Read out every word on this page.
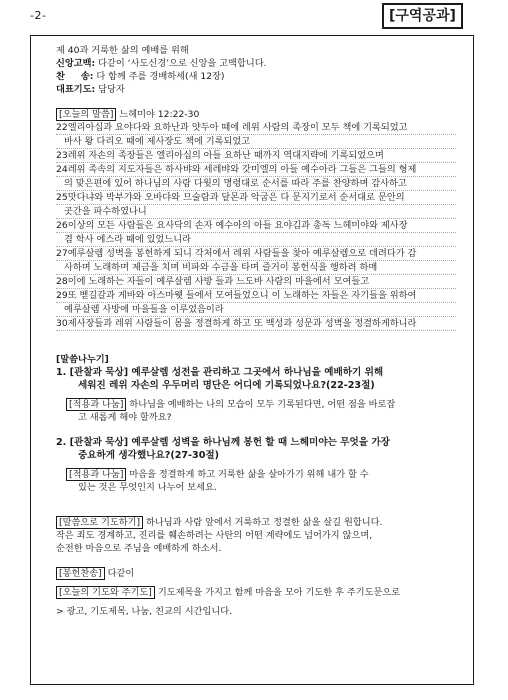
-2-	[구역공과]
제 40과 거룩한 삶의 예배를 위해
신앙고백: 다같이 ‘사도신경’으로 신앙을 고백합니다.
찬     송: 다 함께 주를 경배하세(새 12장)
대표기도: 담당자
[오늘의 말씀] 느헤미야 12:22-30
22엘리아십과 요야다와 요하난과 얏두아 때에 레위 사람의 족장이 모두 책에 기록되었고
바사 왕 다리오 때에 제사장도 책에 기록되었고
23레위 자손의 족장들은 엘리아십의 아들 요하난 때까지 역대지략에 기록되었으며
24레위 족속의 지도자들은 하사뱌와 세레뱌와 갓미엘의 아들 예수아라 그들은 그들의 형제
의 맞은편에 있어 하나님의 사람 다윗의 명령대로 순서를 따라 주를 찬양하며 감사하고
25맛다냐와 박부갸와 오바댜와 므술람과 달몬과 악굽은 다 문지기로서 순서대로 문안의
곳간을 파수하였나니
26이상의 모든 사람들은 요사닥의 손자 예수아의 아들 요야김과 총독 느헤미야와 제사장
겸 학사 에스라 때에 있었느니라
27예루살렘 성벽을 봉헌하게 되니 각처에서 레위 사람들을 찾아 예루살렘으로 데려다가 감
사하며 노래하며 제금을 치며 비파와 수금을 타며 즐거이 봉헌식을 행하려 하매
28이에 노래하는 자들이 예루살렘 사방 들과 느도바 사람의 마을에서 모여들고
29또 벧길갈과 게바와 아스마웻 들에서 모여들었으니 이 노래하는 자들은 자기들을 위하여
예루살렘 사방에 마을들을 이루었음이라
30제사장들과 레위 사람들이 몸을 정결하게 하고 또 백성과 성문과 성벽을 정결하게하니라
[말씀나누기]
1. [관찰과 묵상] 예루살렘 성전을 관리하고 그곳에서 하나님을 예배하기 위해
세워진 레위 자손의 우두머리 명단은 어디에 기록되었나요?(22-23절)
[적용과 나눔] 하나님을 예배하는 나의 모습이 모두 기록된다면, 어떤 점을 바로잡
고 새롭게 해야 할까요?
2. [관찰과 묵상] 예루살렘 성벽을 하나님께 봉헌 할 때 느헤미야는 무엇을 가장
중요하게 생각했나요?(27-30절)
[적용과 나눔] 마음을 정결하게 하고 거룩한 삶을 살아가기 위해 내가 할 수
있는 것은 무엇인지 나누어 보세요.
[말씀으로 기도하기] 하나님과 사람 앞에서 거룩하고 정결한 삶을 살길 원합니다.
작은 죄도 경계하고, 진리를 훼손하려는 사탄의 어떤 계략에도 넘어가지 않으며,
순전한 마음으로 주님을 예배하게 하소서.
[봉헌찬송] 다같이
[오늘의 기도와 주기도] 기도제목을 가지고 함께 마음을 모아 기도한 후 주기도문으로
> 광고, 기도제목, 나눔, 친교의 시간입니다.
